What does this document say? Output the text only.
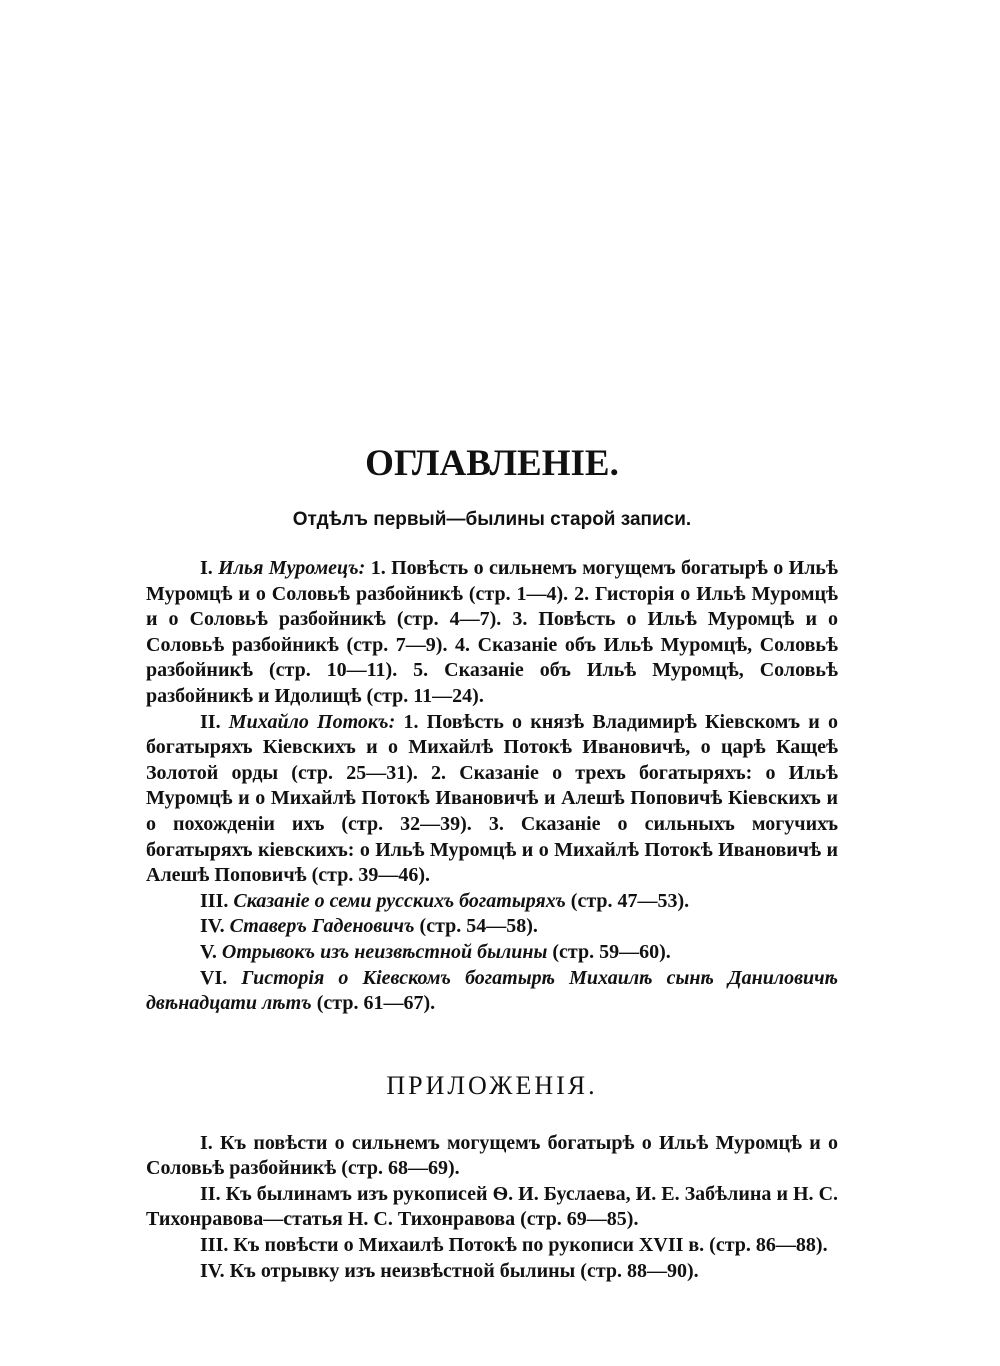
ОГЛАВЛЕНІЕ.
Отдѣлъ первый—былины старой записи.

I. Илья Муромецъ: 1. Повѣсть о сильнемъ могущемъ богатырѣ о Ильѣ Муромцѣ и о Соловьѣ разбойникѣ (стр. 1—4). 2. Гисторія о Ильѣ Муромцѣ и о Соловьѣ разбойникѣ (стр. 4—7). 3. Повѣсть о Ильѣ Муромцѣ и о Соловьѣ разбойникѣ (стр. 7—9). 4. Сказаніе объ Ильѣ Муромцѣ, Соловьѣ разбойникѣ (стр. 10—11). 5. Сказаніе объ Ильѣ Муромцѣ, Соловьѣ разбойникѣ и Идолищѣ (стр. 11—24).

II. Михайло Потокъ: 1. Повѣсть о князѣ Владимирѣ Кіевскомъ и о богатыряхъ Кіевскихъ и о Михайлѣ Потокѣ Ивановичѣ, о царѣ Кащеѣ Золотой орды (стр. 25—31). 2. Сказаніе о трехъ богатыряхъ: о Ильѣ Муромцѣ и о Михайлѣ Потокѣ Ивановичѣ и Алешѣ Поповичѣ Кіевскихъ и о похожденіи ихъ (стр. 32—39). 3. Сказаніе о сильныхъ могучихъ богатыряхъ кіевскихъ: о Ильѣ Муромцѣ и о Михайлѣ Потокѣ Ивановичѣ и Алешѣ Поповичѣ (стр. 39—46).

III. Сказаніе о семи русскихъ богатыряхъ (стр. 47—53).

IV. Ставеръ Гаденовичъ (стр. 54—58).

V. Отрывокъ изъ неизвѣстной былины (стр. 59—60).

VI. Гисторія о Кіевскомъ богатырѣ Михаилѣ сынѣ Даниловичѣ двѣнадцати лѣтъ (стр. 61—67).

ПРИЛОЖЕНІЯ.

I. Къ повѣсти о сильнемъ могущемъ богатырѣ о Ильѣ Муромцѣ и о Соловьѣ разбойникѣ (стр. 68—69).

II. Къ былинамъ изъ рукописей Ѳ. И. Буслаева, И. Е. Забѣлина и Н. С. Тихонравова—статья Н. С. Тихонравова (стр. 69—85).

III. Къ повѣсти о Михаилѣ Потокѣ по рукописи XVII в. (стр. 86—88).

IV. Къ отрывку изъ неизвѣстной былины (стр. 88—90).
